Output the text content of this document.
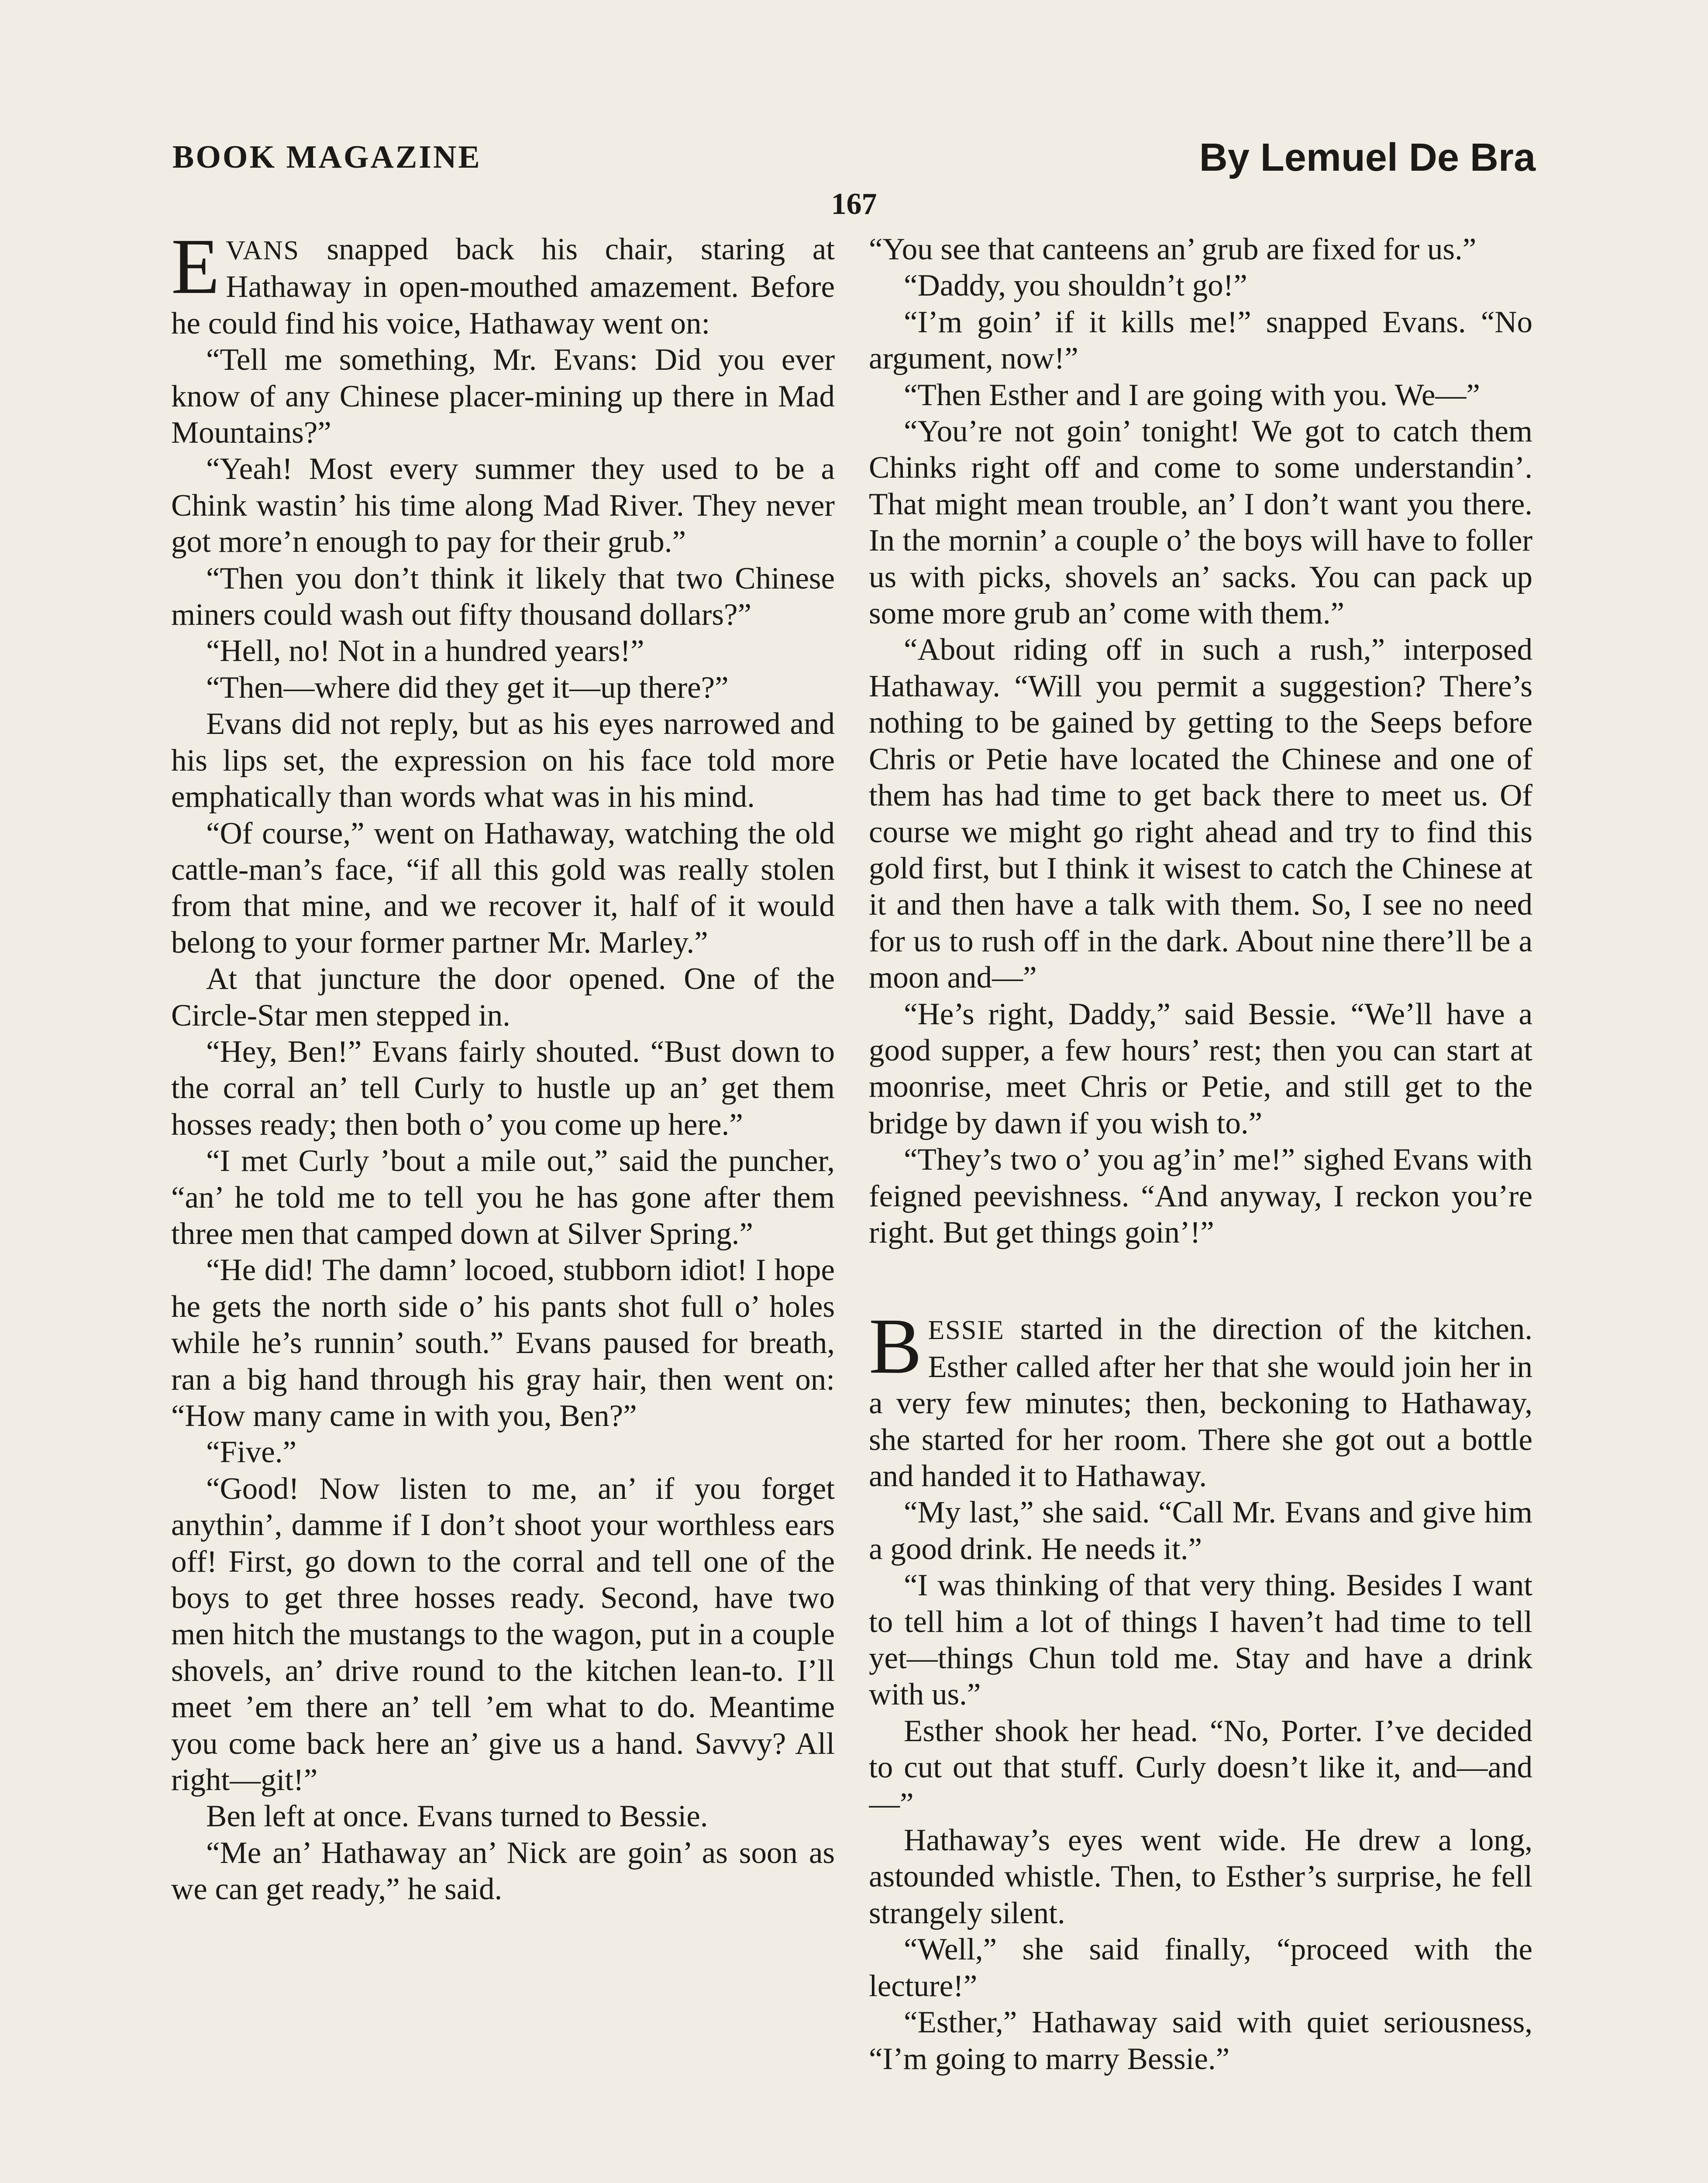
BOOK MAGAZINE	By Lemuel De Bra
167

EVANS snapped back his chair, staring at Hathaway in open-mouthed amazement. Before he could find his voice, Hathaway went on:

“Tell me something, Mr. Evans: Did you ever know of any Chinese placer-mining up there in Mad Mountains?”

“Yeah! Most every summer they used to be a Chink wastin’ his time along Mad River. They never got more’n enough to pay for their grub.”

“Then you don’t think it likely that two Chinese miners could wash out fifty thousand dollars?”

“Hell, no! Not in a hundred years!”

“Then—where did they get it—up there?”

Evans did not reply, but as his eyes narrowed and his lips set, the expression on his face told more emphatically than words what was in his mind.

“Of course,” went on Hathaway, watching the old cattle-man’s face, “if all this gold was really stolen from that mine, and we recover it, half of it would belong to your former partner Mr. Marley.”

At that juncture the door opened. One of the Circle-Star men stepped in.

“Hey, Ben!” Evans fairly shouted. “Bust down to the corral an’ tell Curly to hustle up an’ get them hosses ready; then both o’ you come up here.”

“I met Curly ’bout a mile out,” said the puncher, “an’ he told me to tell you he has gone after them three men that camped down at Silver Spring.”

“He did! The damn’ locoed, stubborn idiot! I hope he gets the north side o’ his pants shot full o’ holes while he’s runnin’ south.” Evans paused for breath, ran a big hand through his gray hair, then went on: “How many came in with you, Ben?”

“Five.”

“Good! Now listen to me, an’ if you forget anythin’, damme if I don’t shoot your worthless ears off! First, go down to the corral and tell one of the boys to get three hosses ready. Second, have two men hitch the mustangs to the wagon, put in a couple shovels, an’ drive round to the kitchen lean-to. I’ll meet ’em there an’ tell ’em what to do. Meantime you come back here an’ give us a hand. Savvy? All right—git!”

Ben left at once. Evans turned to Bessie.

“Me an’ Hathaway an’ Nick are goin’ as soon as we can get ready,” he said.

“You see that canteens an’ grub are fixed for us.”

“Daddy, you shouldn’t go!”

“I’m goin’ if it kills me!” snapped Evans. “No argument, now!”

“Then Esther and I are going with you. We—”

“You’re not goin’ tonight! We got to catch them Chinks right off and come to some understandin’. That might mean trouble, an’ I don’t want you there. In the mornin’ a couple o’ the boys will have to foller us with picks, shovels an’ sacks. You can pack up some more grub an’ come with them.”

“About riding off in such a rush,” interposed Hathaway. “Will you permit a suggestion? There’s nothing to be gained by getting to the Seeps before Chris or Petie have located the Chinese and one of them has had time to get back there to meet us. Of course we might go right ahead and try to find this gold first, but I think it wisest to catch the Chinese at it and then have a talk with them. So, I see no need for us to rush off in the dark. About nine there’ll be a moon and—”

“He’s right, Daddy,” said Bessie. “We’ll have a good supper, a few hours’ rest; then you can start at moonrise, meet Chris or Petie, and still get to the bridge by dawn if you wish to.”

“They’s two o’ you ag’in’ me!” sighed Evans with feigned peevishness. “And anyway, I reckon you’re right. But get things goin’!”

BESSIE started in the direction of the kitchen. Esther called after her that she would join her in a very few minutes; then, beckoning to Hathaway, she started for her room. There she got out a bottle and handed it to Hathaway.

“My last,” she said. “Call Mr. Evans and give him a good drink. He needs it.”

“I was thinking of that very thing. Besides I want to tell him a lot of things I haven’t had time to tell yet—things Chun told me. Stay and have a drink with us.”

Esther shook her head. “No, Porter. I’ve decided to cut out that stuff. Curly doesn’t like it, and—and—”

Hathaway’s eyes went wide. He drew a long, astounded whistle. Then, to Esther’s surprise, he fell strangely silent.

“Well,” she said finally, “proceed with the lecture!”

“Esther,” Hathaway said with quiet seriousness, “I’m going to marry Bessie.”
